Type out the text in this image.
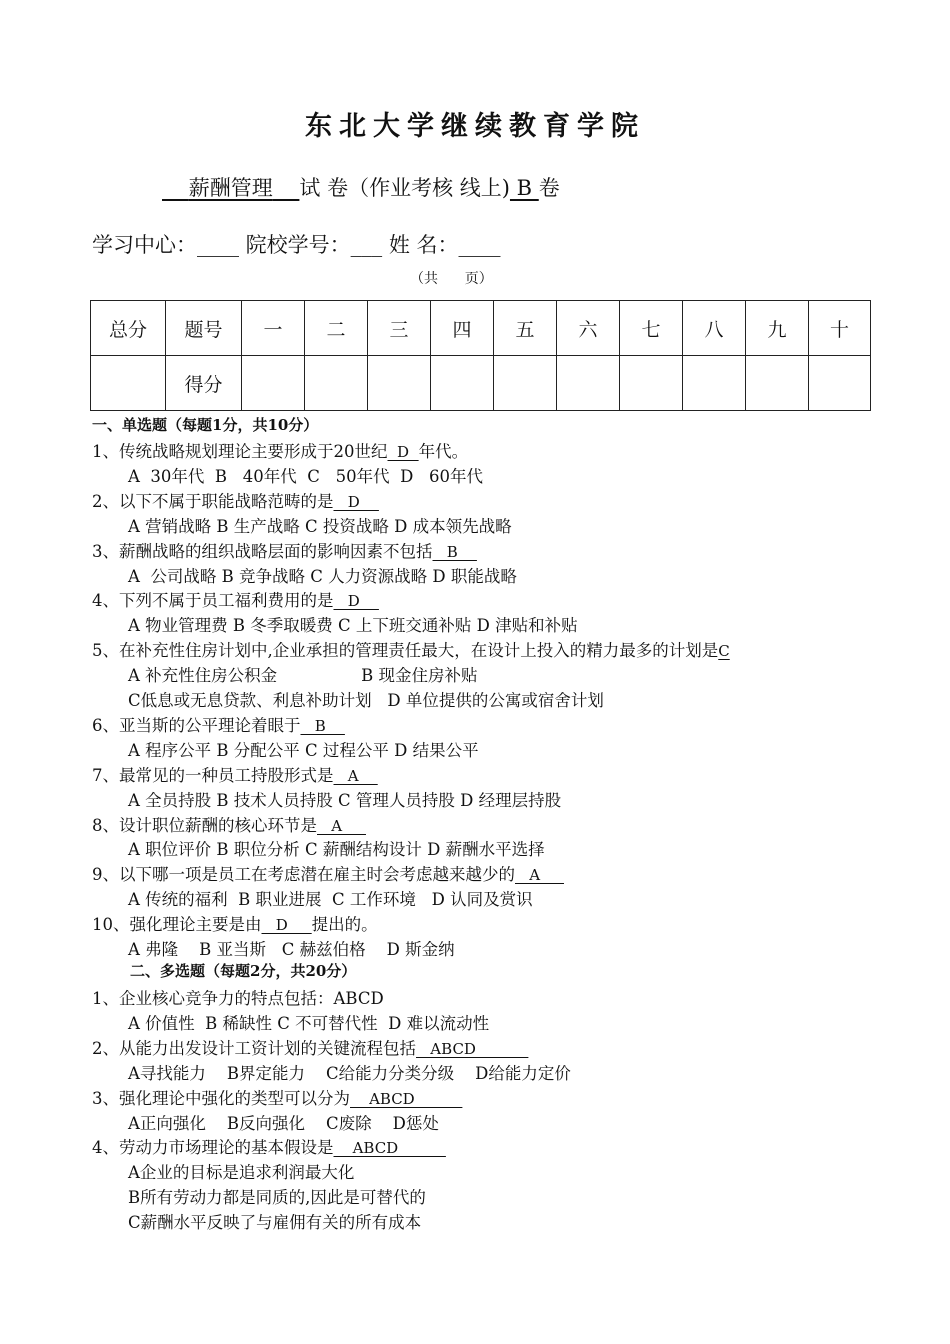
东北大学继续教育学院
薪酬管理 试 卷（作业考核 线上) B 卷
学习中心：____ 院校学号：___ 姓 名：____
（共      页）
总分	题号	一	二	三	四	五	六	七	八	九	十
	得分										
一、单选题（每题1分，共10分）
1、传统战略规划理论主要形成于20世纪  D  年代。
A  30年代  B   40年代  C   50年代  D   60年代
2、以下不属于职能战略范畴的是   D
A 营销战略 B 生产战略 C 投资战略 D 成本领先战略
3、薪酬战略的组织战略层面的影响因素不包括   B
A  公司战略 B 竞争战略 C 人力资源战略 D 职能战略
4、下列不属于员工福利费用的是   D
A 物业管理费 B 冬季取暖费 C 上下班交通补贴 D 津贴和补贴
5、在补充性住房计划中,企业承担的管理责任最大，在设计上投入的精力最多的计划是C
A 补充性住房公积金                B 现金住房补贴
C低息或无息贷款、利息补助计划   D 单位提供的公寓或宿舍计划
6、亚当斯的公平理论着眼于   B
A 程序公平 B 分配公平 C 过程公平 D 结果公平
7、最常见的一种员工持股形式是   A
A 全员持股 B 技术人员持股 C 管理人员持股 D 经理层持股
8、设计职位薪酬的核心环节是   A
A 职位评价 B 职位分析 C 薪酬结构设计 D 薪酬水平选择
9、以下哪一项是员工在考虑潜在雇主时会考虑越来越少的   A
A 传统的福利  B 职业进展  C 工作环境   D 认同及赏识
10、强化理论主要是由   D     提出的。
A 弗隆    B 亚当斯   C 赫兹伯格    D 斯金纳
二、多选题（每题2分，共20分）
1、企业核心竞争力的特点包括：ABCD
A 价值性  B 稀缺性 C 不可替代性  D 难以流动性
2、从能力出发设计工资计划的关键流程包括   ABCD
A寻找能力    B界定能力    C给能力分类分级    D给能力定价
3、强化理论中强化的类型可以分为    ABCD
A正向强化    B反向强化    C废除    D惩处
4、劳动力市场理论的基本假设是    ABCD
A企业的目标是追求利润最大化
B所有劳动力都是同质的,因此是可替代的
C薪酬水平反映了与雇佣有关的所有成本
